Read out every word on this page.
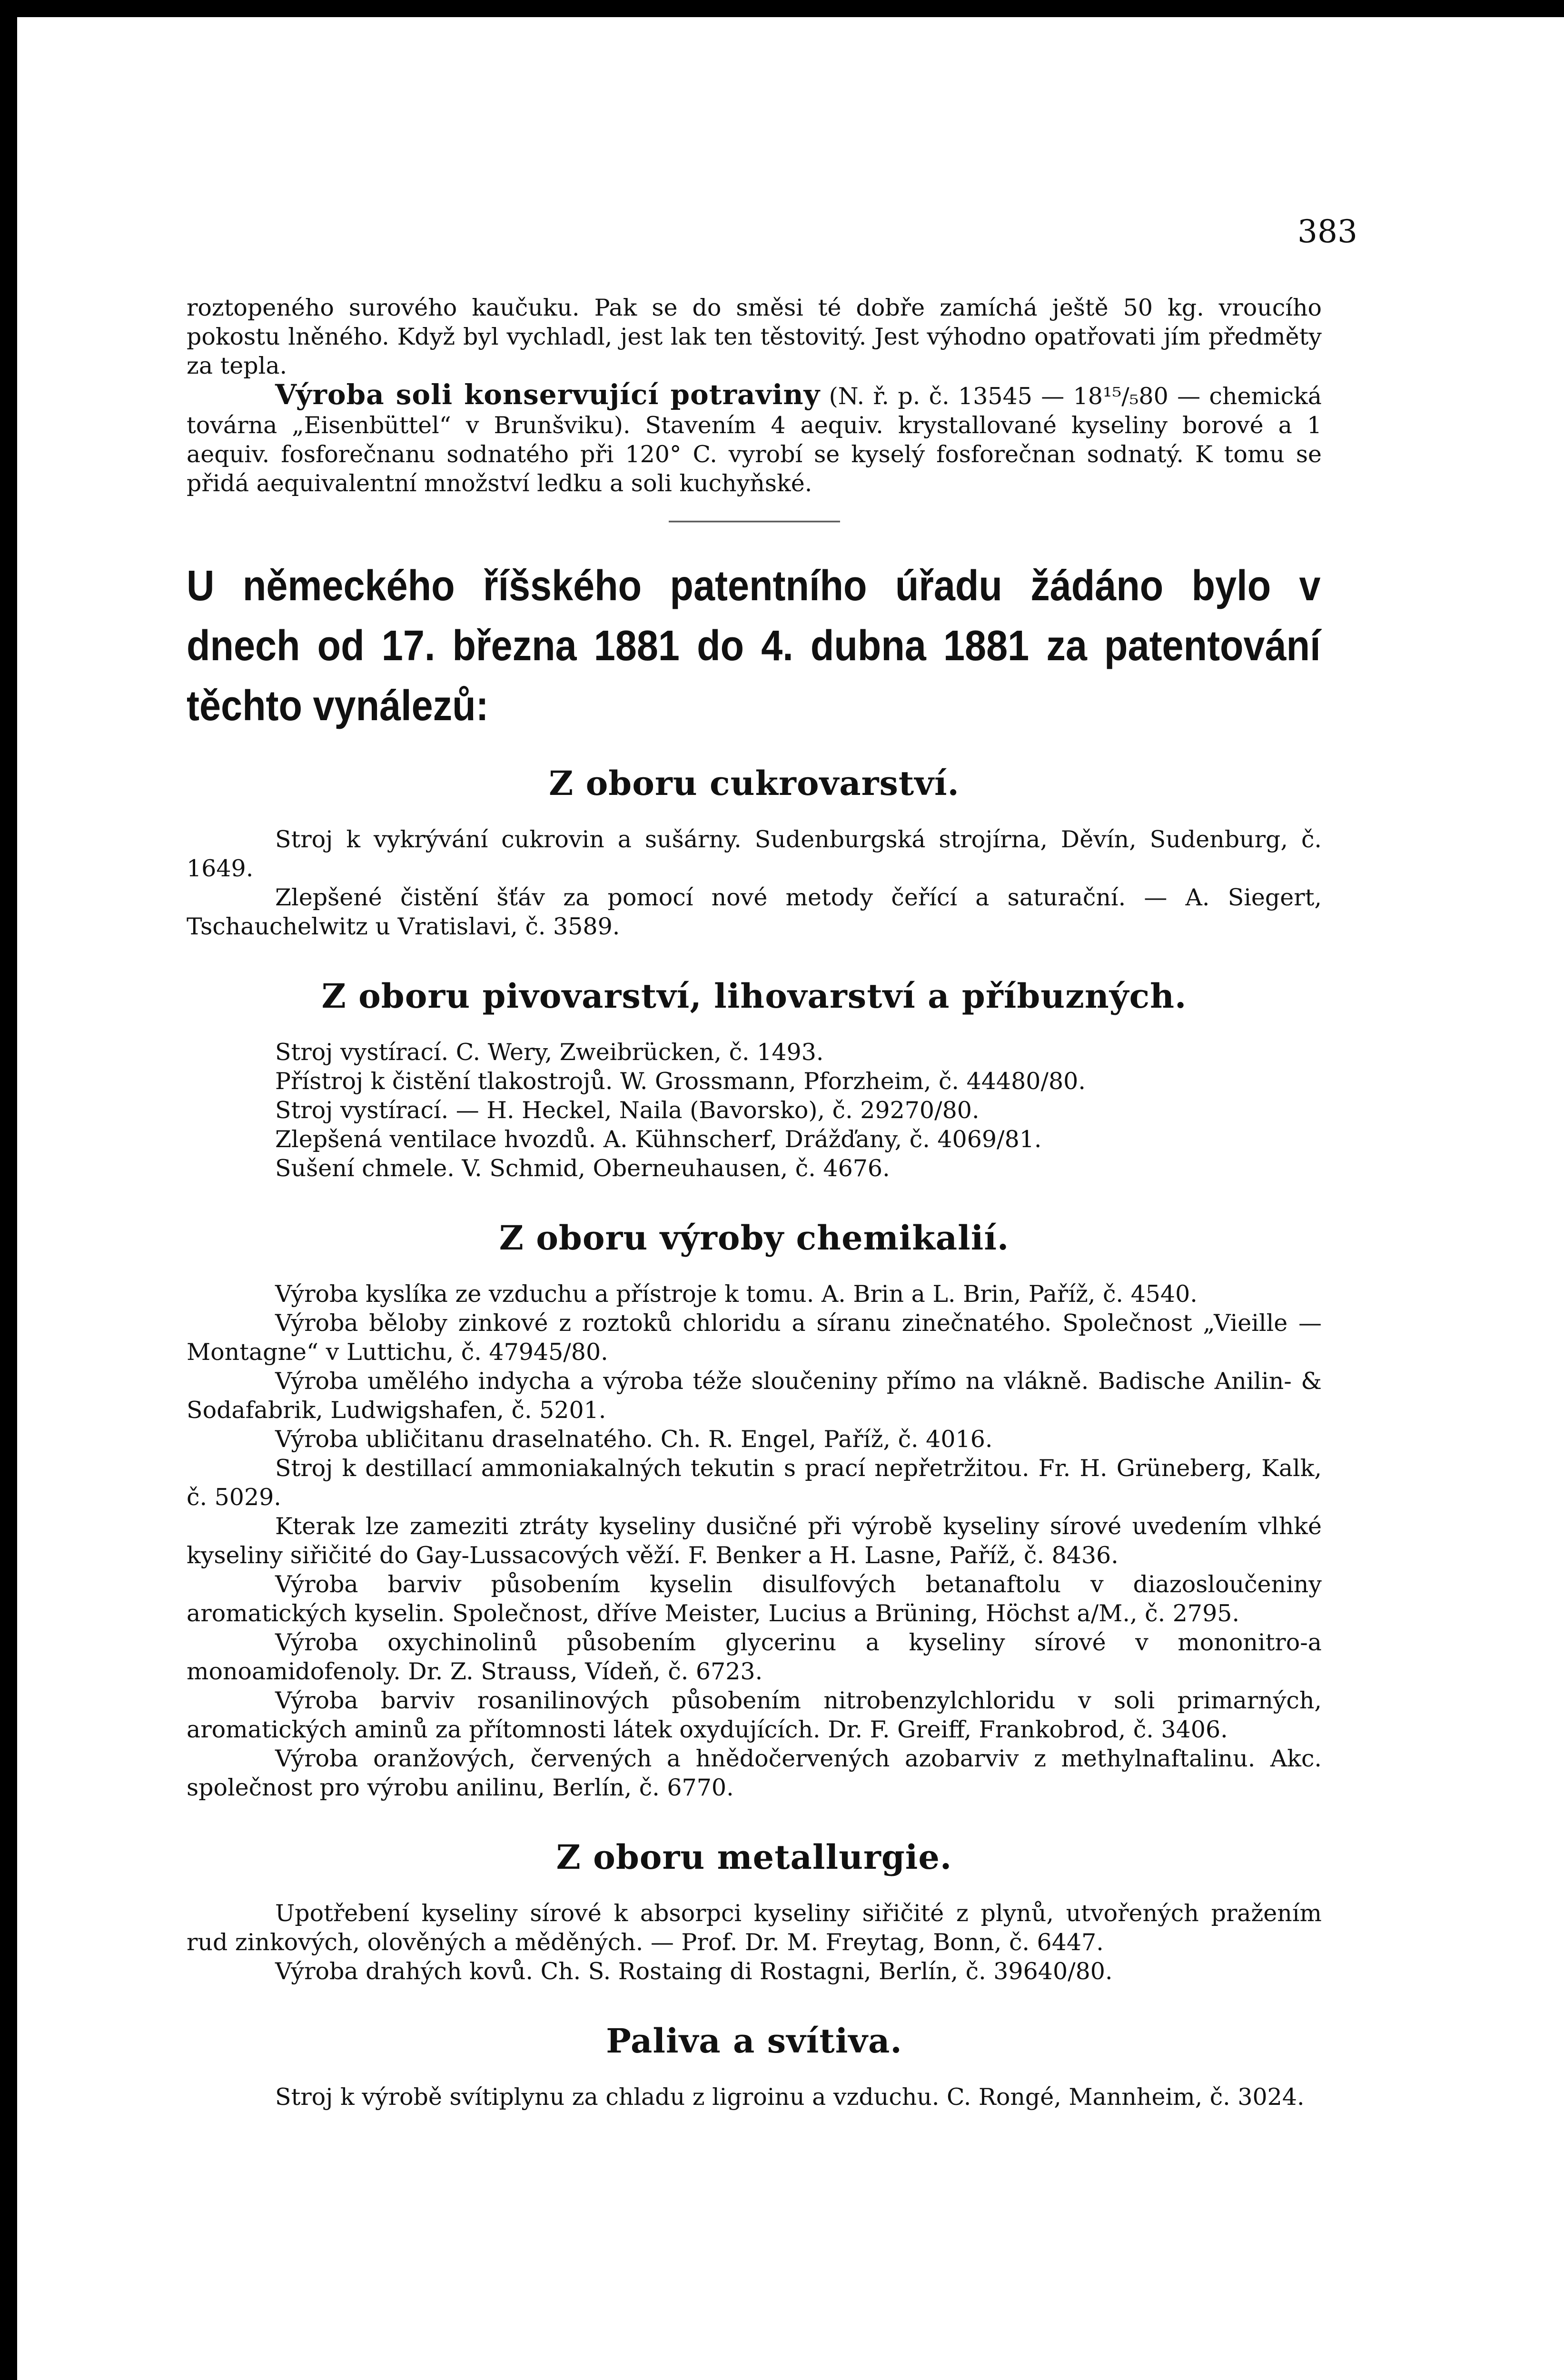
383

roztopeného surového kaučuku. Pak se do směsi té dobře zamíchá ještě 50 kg. vroucího pokostu lněného. Když byl vychladl, jest lak ten těstovitý. Jest výhodno opatřovati jím předměty za tepla.

Výroba soli konservující potraviny (N. ř. p. č. 13545 — 18¹⁵/₅80 — chemická továrna „Eisenbüttel“ v Brunšviku). Stavením 4 aequiv. krystallované kyseliny borové a 1 aequiv. fosforečnanu sodnatého při 120° C. vyrobí se kyselý fosforečnan sodnatý. K tomu se přidá aequivalentní množství ledku a soli kuchyňské.

U německého říšského patentního úřadu žádáno bylo v dnech od 17. března 1881 do 4. dubna 1881 za patentování těchto vynálezů:

Z oboru cukrovarství.

Stroj k vykrývání cukrovin a sušárny. Sudenburgská strojírna, Děvín, Sudenburg, č. 1649.

Zlepšené čistění šťáv za pomocí nové metody čeřící a saturační. — A. Siegert, Tschauchelwitz u Vratislavi, č. 3589.

Z oboru pivovarství, lihovarství a příbuzných.

Stroj vystírací. C. Wery, Zweibrücken, č. 1493.

Přístroj k čistění tlakostrojů. W. Grossmann, Pforzheim, č. 44480/80.

Stroj vystírací. — H. Heckel, Naila (Bavorsko), č. 29270/80.

Zlepšená ventilace hvozdů. A. Kühnscherf, Drážďany, č. 4069/81.

Sušení chmele. V. Schmid, Oberneuhausen, č. 4676.

Z oboru výroby chemikalií.

Výroba kyslíka ze vzduchu a přístroje k tomu. A. Brin a L. Brin, Paříž, č. 4540.

Výroba běloby zinkové z roztoků chloridu a síranu zinečnatého. Společnost „Vieille — Montagne“ v Luttichu, č. 47945/80.

Výroba umělého indycha a výroba téže sloučeniny přímo na vlákně. Badische Anilin- & Sodafabrik, Ludwigshafen, č. 5201.

Výroba ubličitanu draselnatého. Ch. R. Engel, Paříž, č. 4016.

Stroj k destillací ammoniakalných tekutin s prací nepřetržitou. Fr. H. Grüneberg, Kalk, č. 5029.

Kterak lze zameziti ztráty kyseliny dusičné při výrobě kyseliny sírové uvedením vlhké kyseliny siřičité do Gay-Lussacových věží. F. Benker a H. Lasne, Paříž, č. 8436.

Výroba barviv působením kyselin disulfových betanaftolu v diazosloučeniny aromatických kyselin. Společnost, dříve Meister, Lucius a Brüning, Höchst a/M., č. 2795.

Výroba oxychinolinů působením glycerinu a kyseliny sírové v mononitro-a monoamidofenoly. Dr. Z. Strauss, Vídeň, č. 6723.

Výroba barviv rosanilinových působením nitrobenzylchloridu v soli primarných, aromatických aminů za přítomnosti látek oxydujících. Dr. F. Greiff, Frankobrod, č. 3406.

Výroba oranžových, červených a hnědočervených azobarviv z methylnaftalinu. Akc. společnost pro výrobu anilinu, Berlín, č. 6770.

Z oboru metallurgie.

Upotřebení kyseliny sírové k absorpci kyseliny siřičité z plynů, utvořených pražením rud zinkových, olověných a měděných. — Prof. Dr. M. Freytag, Bonn, č. 6447.

Výroba drahých kovů. Ch. S. Rostaing di Rostagni, Berlín, č. 39640/80.

Paliva a svítiva.

Stroj k výrobě svítiplynu za chladu z ligroinu a vzduchu. C. Rongé, Mannheim, č. 3024.
